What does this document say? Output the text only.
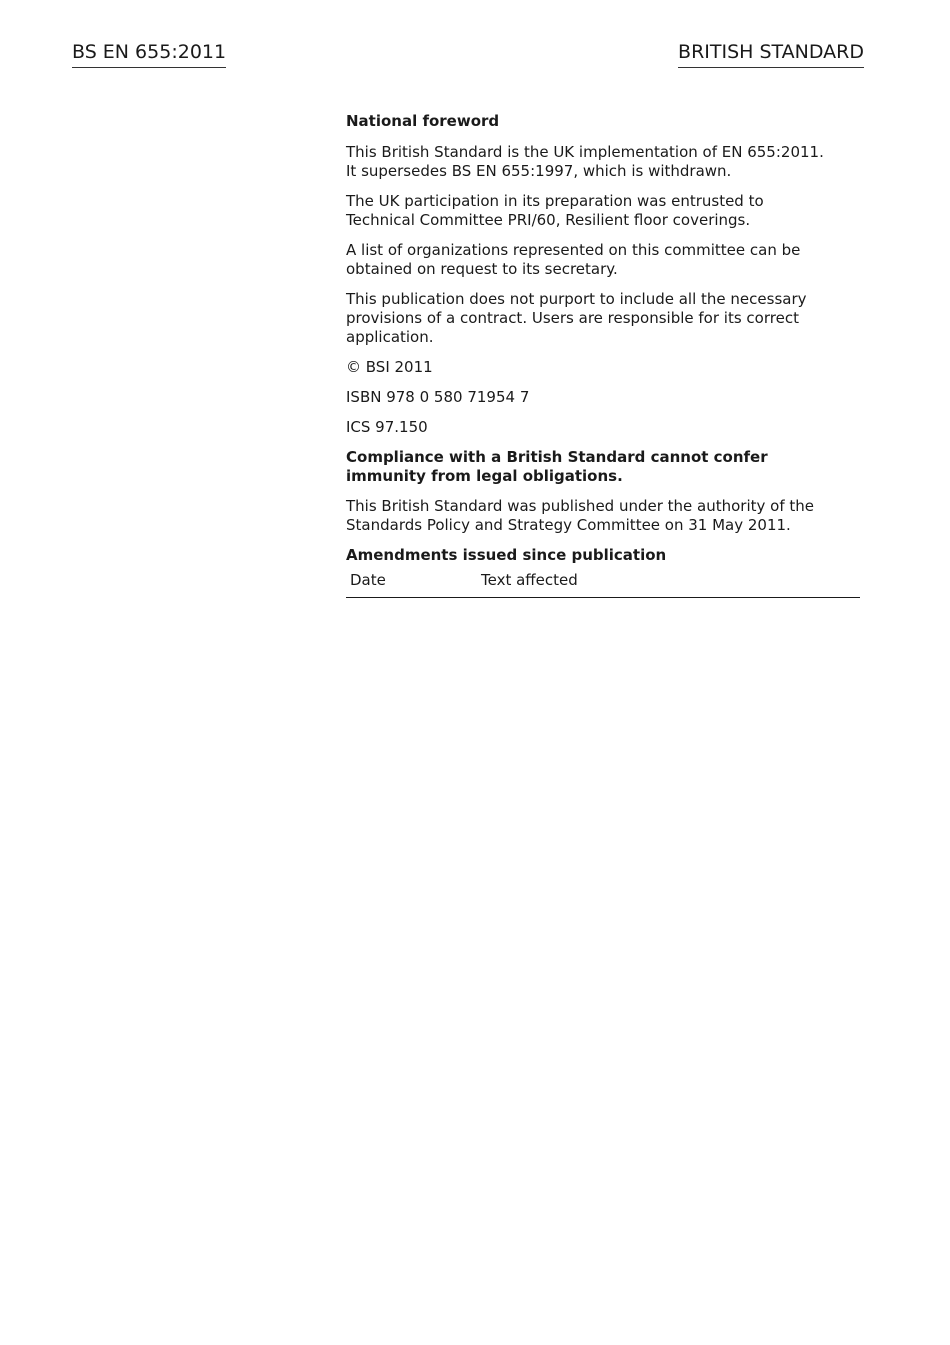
BS EN 655:2011	BRITISH STANDARD

National foreword

This British Standard is the UK implementation of EN 655:2011. It supersedes BS EN 655:1997, which is withdrawn.

The UK participation in its preparation was entrusted to Technical Committee PRI/60, Resilient floor coverings.

A list of organizations represented on this committee can be obtained on request to its secretary.

This publication does not purport to include all the necessary provisions of a contract. Users are responsible for its correct application.

© BSI 2011

ISBN 978 0 580 71954 7

ICS 97.150

Compliance with a British Standard cannot confer immunity from legal obligations.

This British Standard was published under the authority of the Standards Policy and Strategy Committee on 31 May 2011.

Amendments issued since publication
Date	Text affected
